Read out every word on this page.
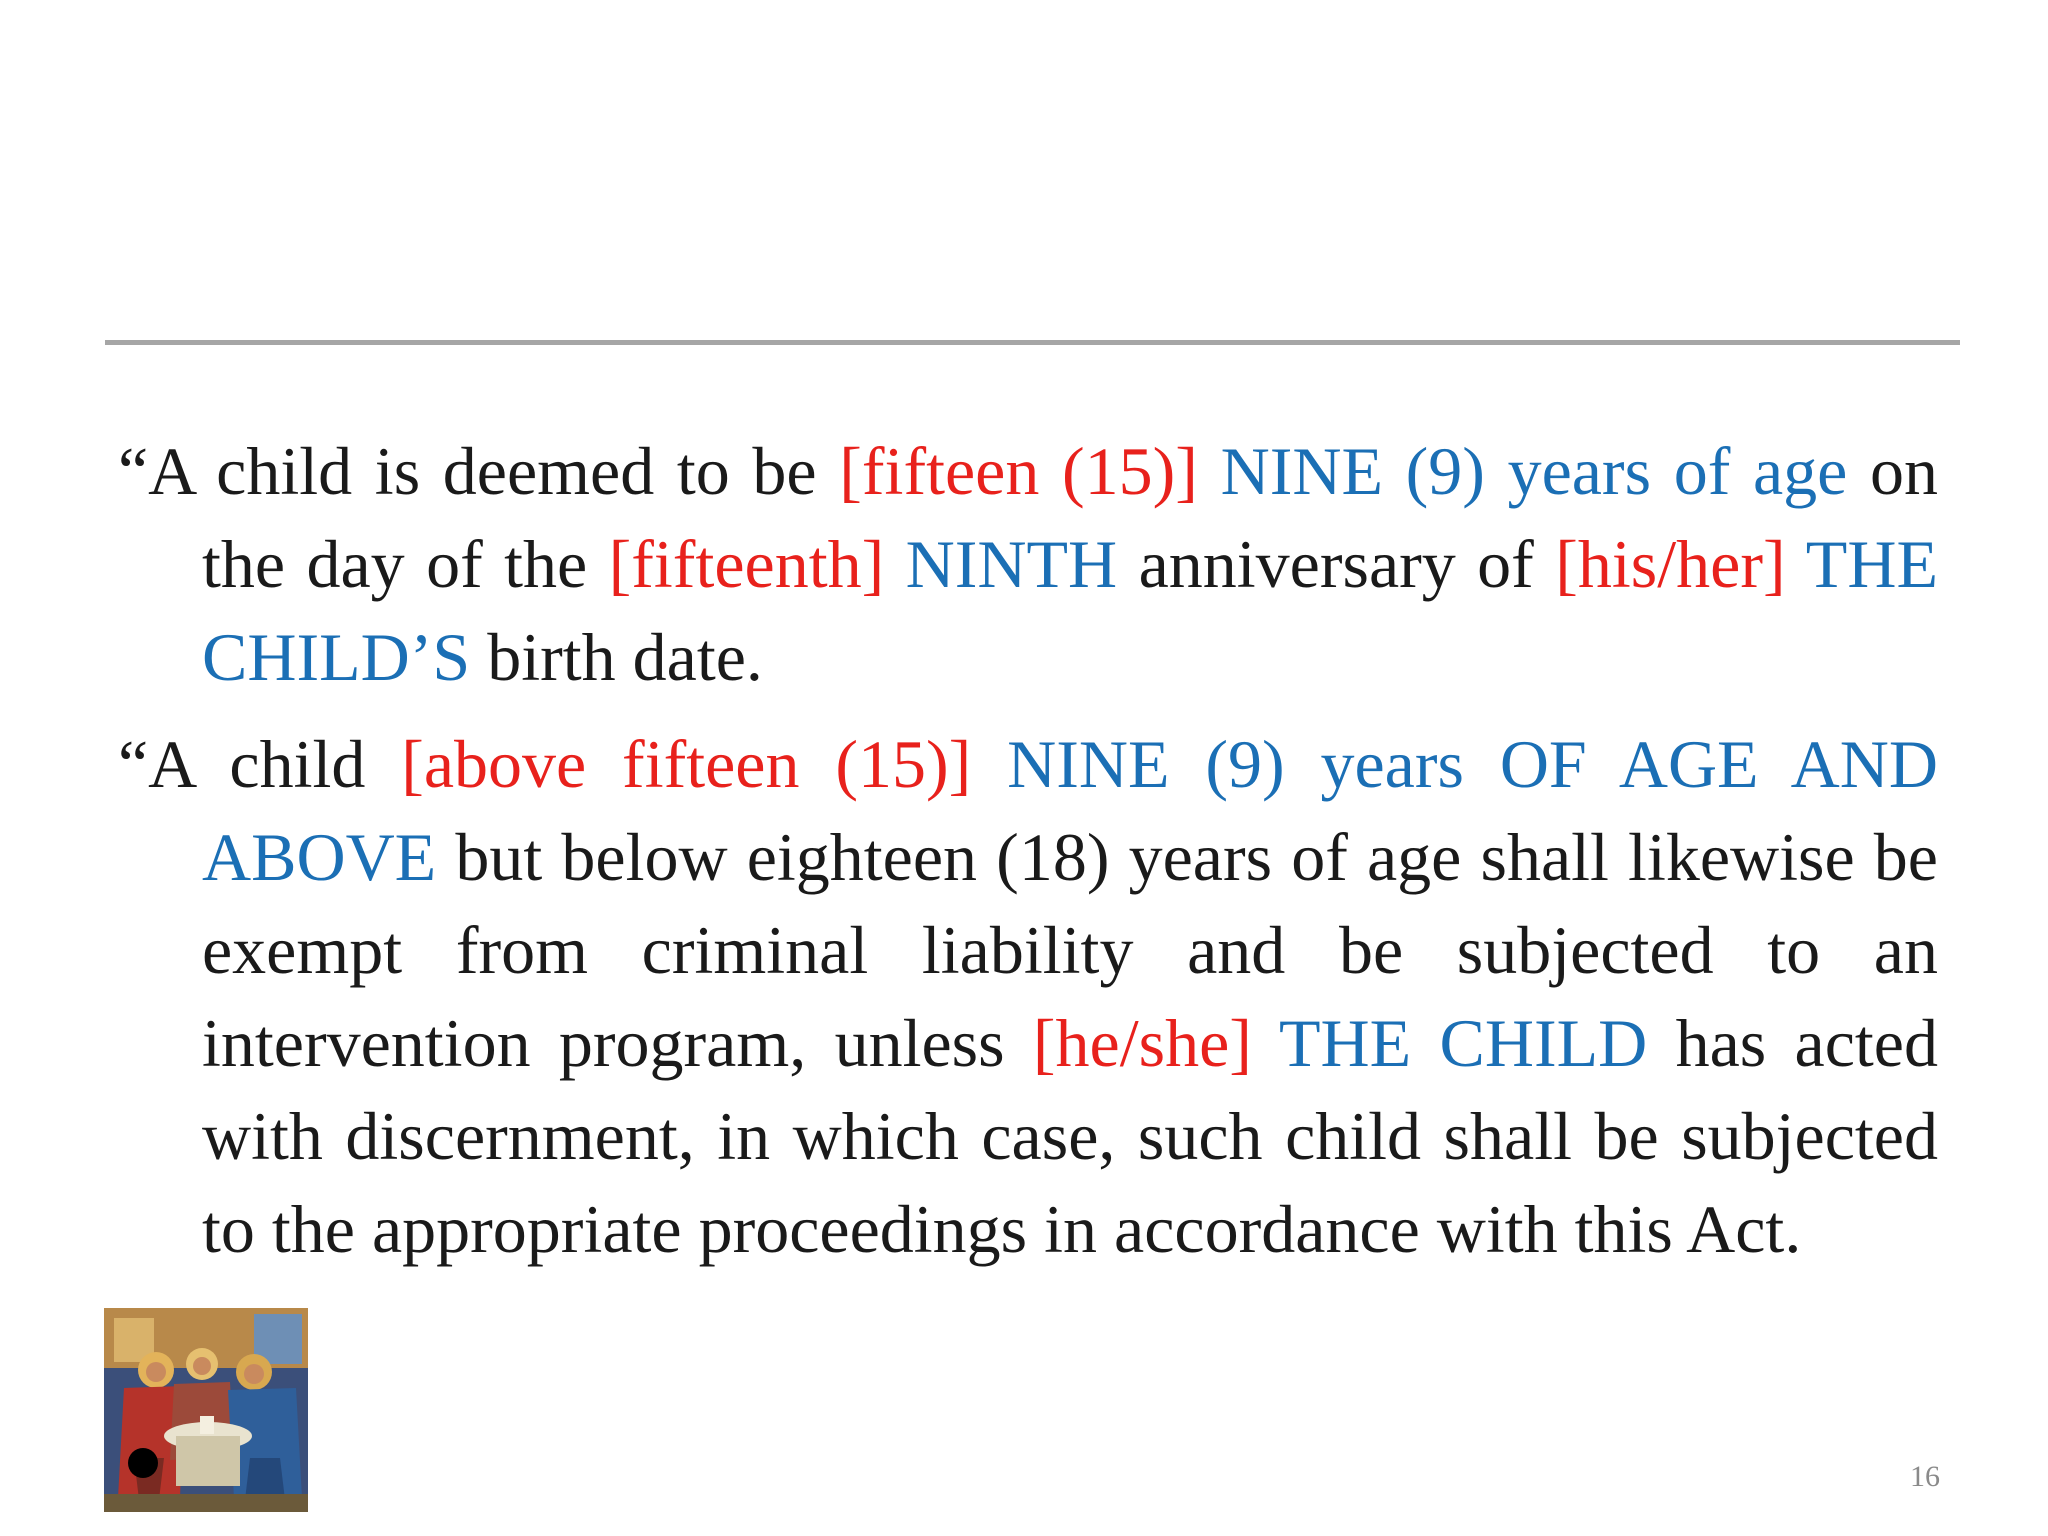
“A child is deemed to be [fifteen (15)] NINE (9) years of age on the day of the [fifteenth] NINTH anniversary of [his/her] THE CHILD’S birth date.

“A child [above fifteen (15)] NINE (9) years OF AGE AND ABOVE but below eighteen (18) years of age shall likewise be exempt from criminal liability and be subjected to an intervention program, unless [he/she] THE CHILD has acted with discernment, in which case, such child shall be subjected to the appropriate proceedings in accordance with this Act.

16
